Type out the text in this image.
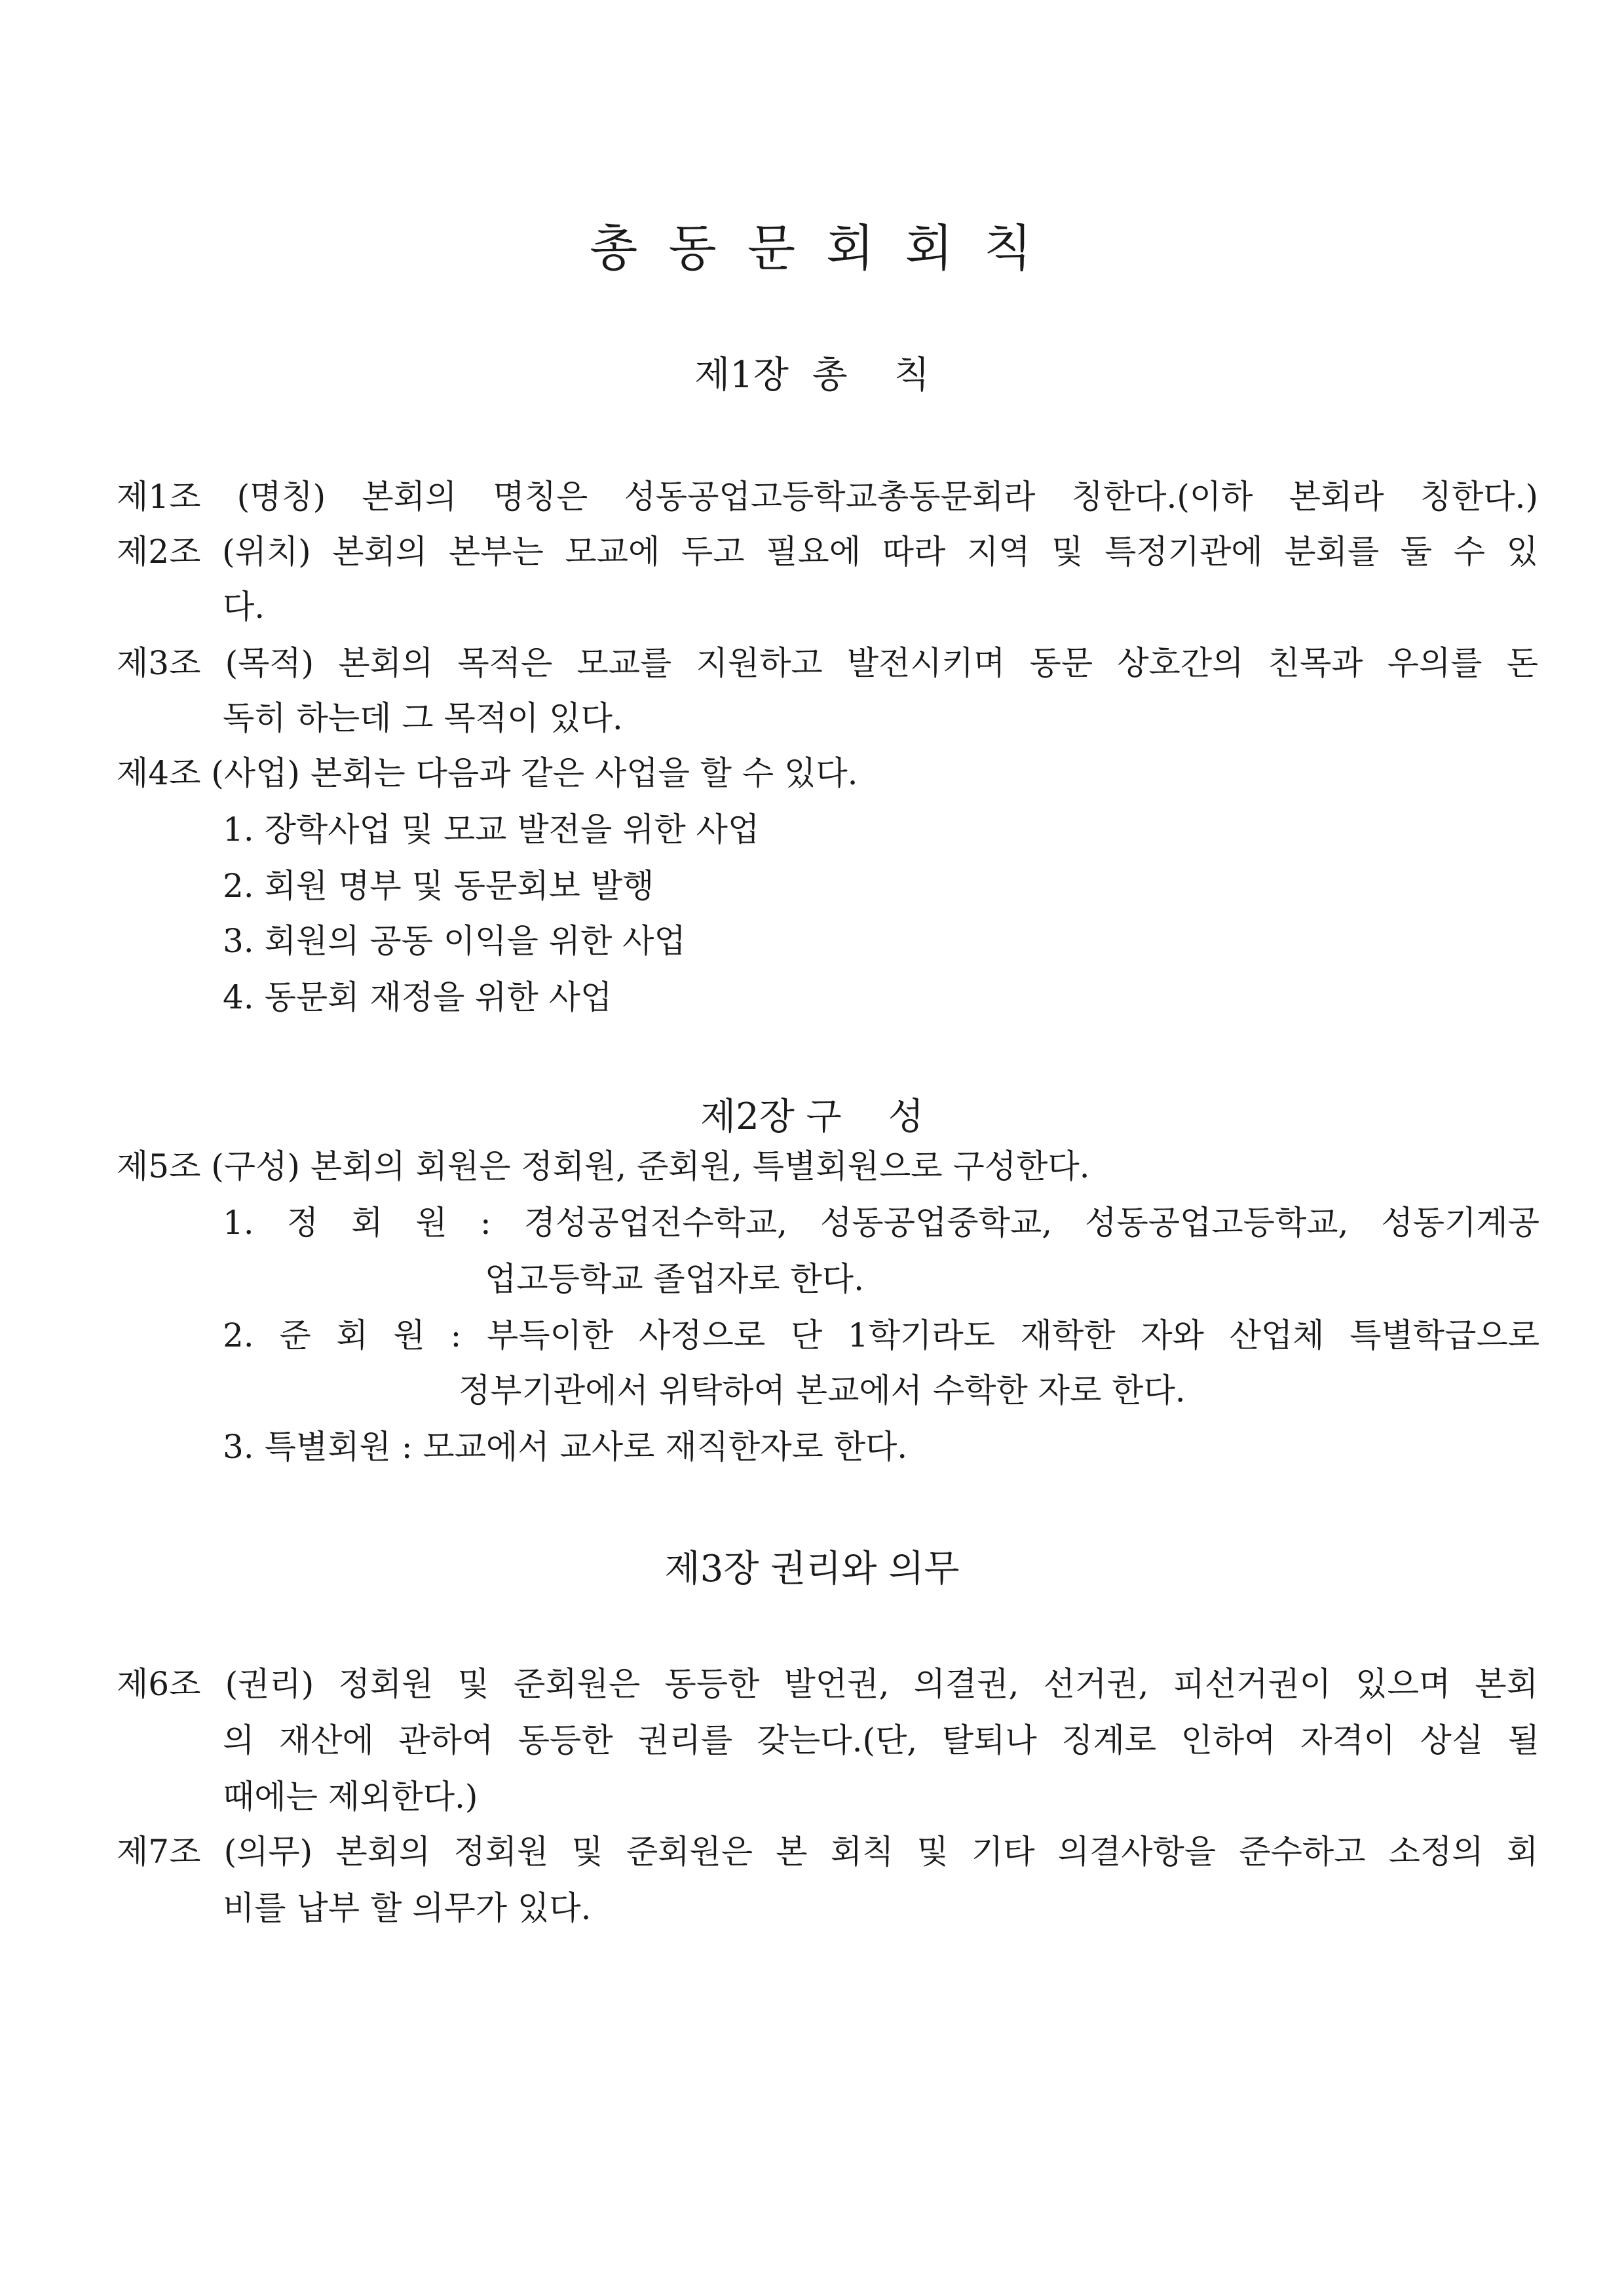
총 동 문 회 회 칙
제1장  총    칙

제1조 (명칭) 본회의 명칭은 성동공업고등학교총동문회라 칭한다.(이하 본회라 칭한다.)

제2조 (위치) 본회의 본부는 모교에 두고 필요에 따라 지역 및 특정기관에 분회를 둘 수 있

다.

제3조 (목적) 본회의 목적은 모교를 지원하고 발전시키며 동문 상호간의 친목과 우의를 돈

독히 하는데 그 목적이 있다.

제4조 (사업) 본회는 다음과 같은 사업을 할 수 있다.

1. 장학사업 및 모교 발전을 위한 사업

2. 회원 명부 및 동문회보 발행

3. 회원의 공동 이익을 위한 사업

4. 동문회 재정을 위한 사업

제2장 구    성

제5조 (구성) 본회의 회원은 정회원, 준회원, 특별회원으로 구성한다.

1. 정 회 원 : 경성공업전수학교, 성동공업중학교, 성동공업고등학교, 성동기계공

업고등학교 졸업자로 한다.

2. 준 회 원 : 부득이한 사정으로 단 1학기라도 재학한 자와 산업체 특별학급으로

정부기관에서 위탁하여 본교에서 수학한 자로 한다.

3. 특별회원 : 모교에서 교사로 재직한자로 한다.

제3장 권리와 의무

제6조 (권리) 정회원 및 준회원은 동등한 발언권, 의결권, 선거권, 피선거권이 있으며 본회

의 재산에 관하여 동등한 권리를 갖는다.(단, 탈퇴나 징계로 인하여 자격이 상실 될

때에는 제외한다.)

제7조 (의무) 본회의 정회원 및 준회원은 본 회칙 및 기타 의결사항을 준수하고 소정의 회

비를 납부 할 의무가 있다.
